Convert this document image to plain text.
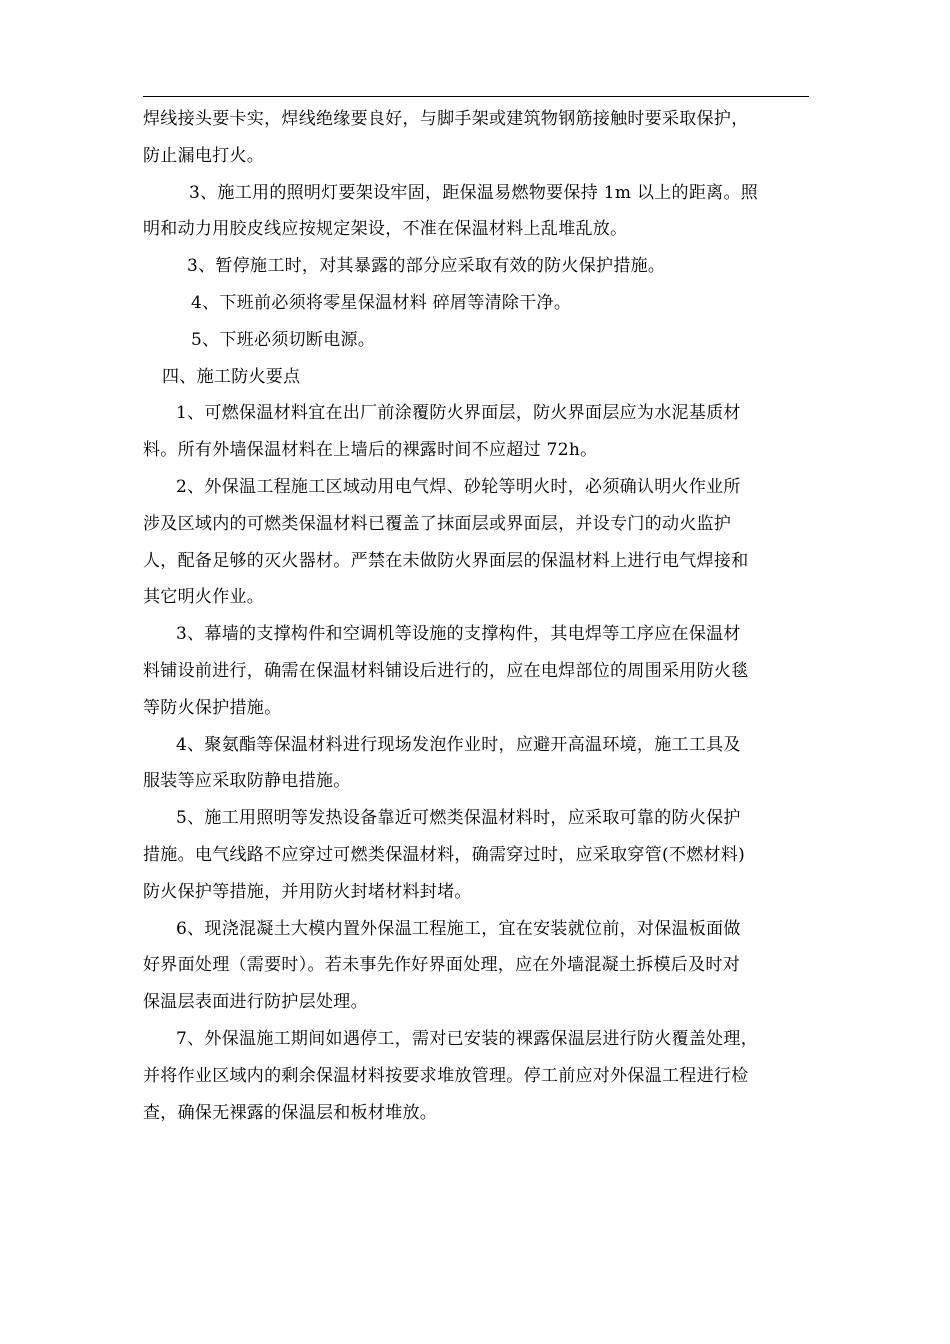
焊线接头要卡实，焊线绝缘要良好，与脚手架或建筑物钢筋接触时要采取保护，
防止漏电打火。

3、施工用的照明灯要架设牢固，距保温易燃物要保持 1m 以上的距离。照
明和动力用胶皮线应按规定架设，不准在保温材料上乱堆乱放。

3、暂停施工时，对其暴露的部分应采取有效的防火保护措施。

4、下班前必须将零星保温材料 碎屑等清除干净。

5、下班必须切断电源。

四、施工防火要点

1、可燃保温材料宜在出厂前涂覆防火界面层，防火界面层应为水泥基质材
料。所有外墙保温材料在上墙后的裸露时间不应超过 72h。

2、外保温工程施工区域动用电气焊、砂轮等明火时，必须确认明火作业所
涉及区域内的可燃类保温材料已覆盖了抹面层或界面层，并设专门的动火监护
人，配备足够的灭火器材。严禁在未做防火界面层的保温材料上进行电气焊接和
其它明火作业。

3、幕墙的支撑构件和空调机等设施的支撑构件，其电焊等工序应在保温材
料铺设前进行，确需在保温材料铺设后进行的，应在电焊部位的周围采用防火毯
等防火保护措施。

4、聚氨酯等保温材料进行现场发泡作业时，应避开高温环境，施工工具及
服装等应采取防静电措施。

5、施工用照明等发热设备靠近可燃类保温材料时，应采取可靠的防火保护
措施。电气线路不应穿过可燃类保温材料，确需穿过时，应采取穿管(不燃材料)
防火保护等措施，并用防火封堵材料封堵。

6、现浇混凝土大模内置外保温工程施工，宜在安装就位前，对保温板面做
好界面处理（需要时）。若未事先作好界面处理，应在外墙混凝土拆模后及时对
保温层表面进行防护层处理。

7、外保温施工期间如遇停工，需对已安装的裸露保温层进行防火覆盖处理，
并将作业区域内的剩余保温材料按要求堆放管理。停工前应对外保温工程进行检
查，确保无裸露的保温层和板材堆放。
